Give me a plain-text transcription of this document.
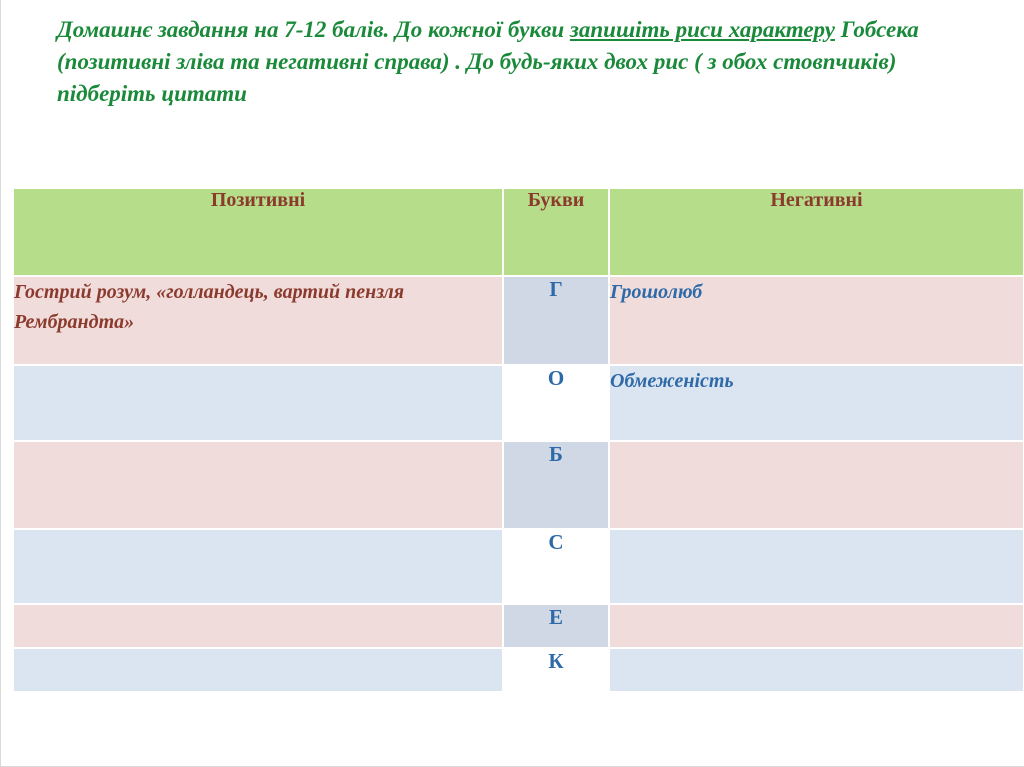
Домашнє завдання на 7-12 балів. До кожної букви запишіть риси характеру Гобсека (позитивні зліва та негативні справа) . До будь-яких двох рис ( з обох стовпчиків) підберіть цитати

Позитивні	Букви	Негативні
Гострий розум, «голландець, вартий пензля Рембрандта»	Г	Грошолюб
	О	Обмеженість
	Б	
	С	
	Е	
	К	
